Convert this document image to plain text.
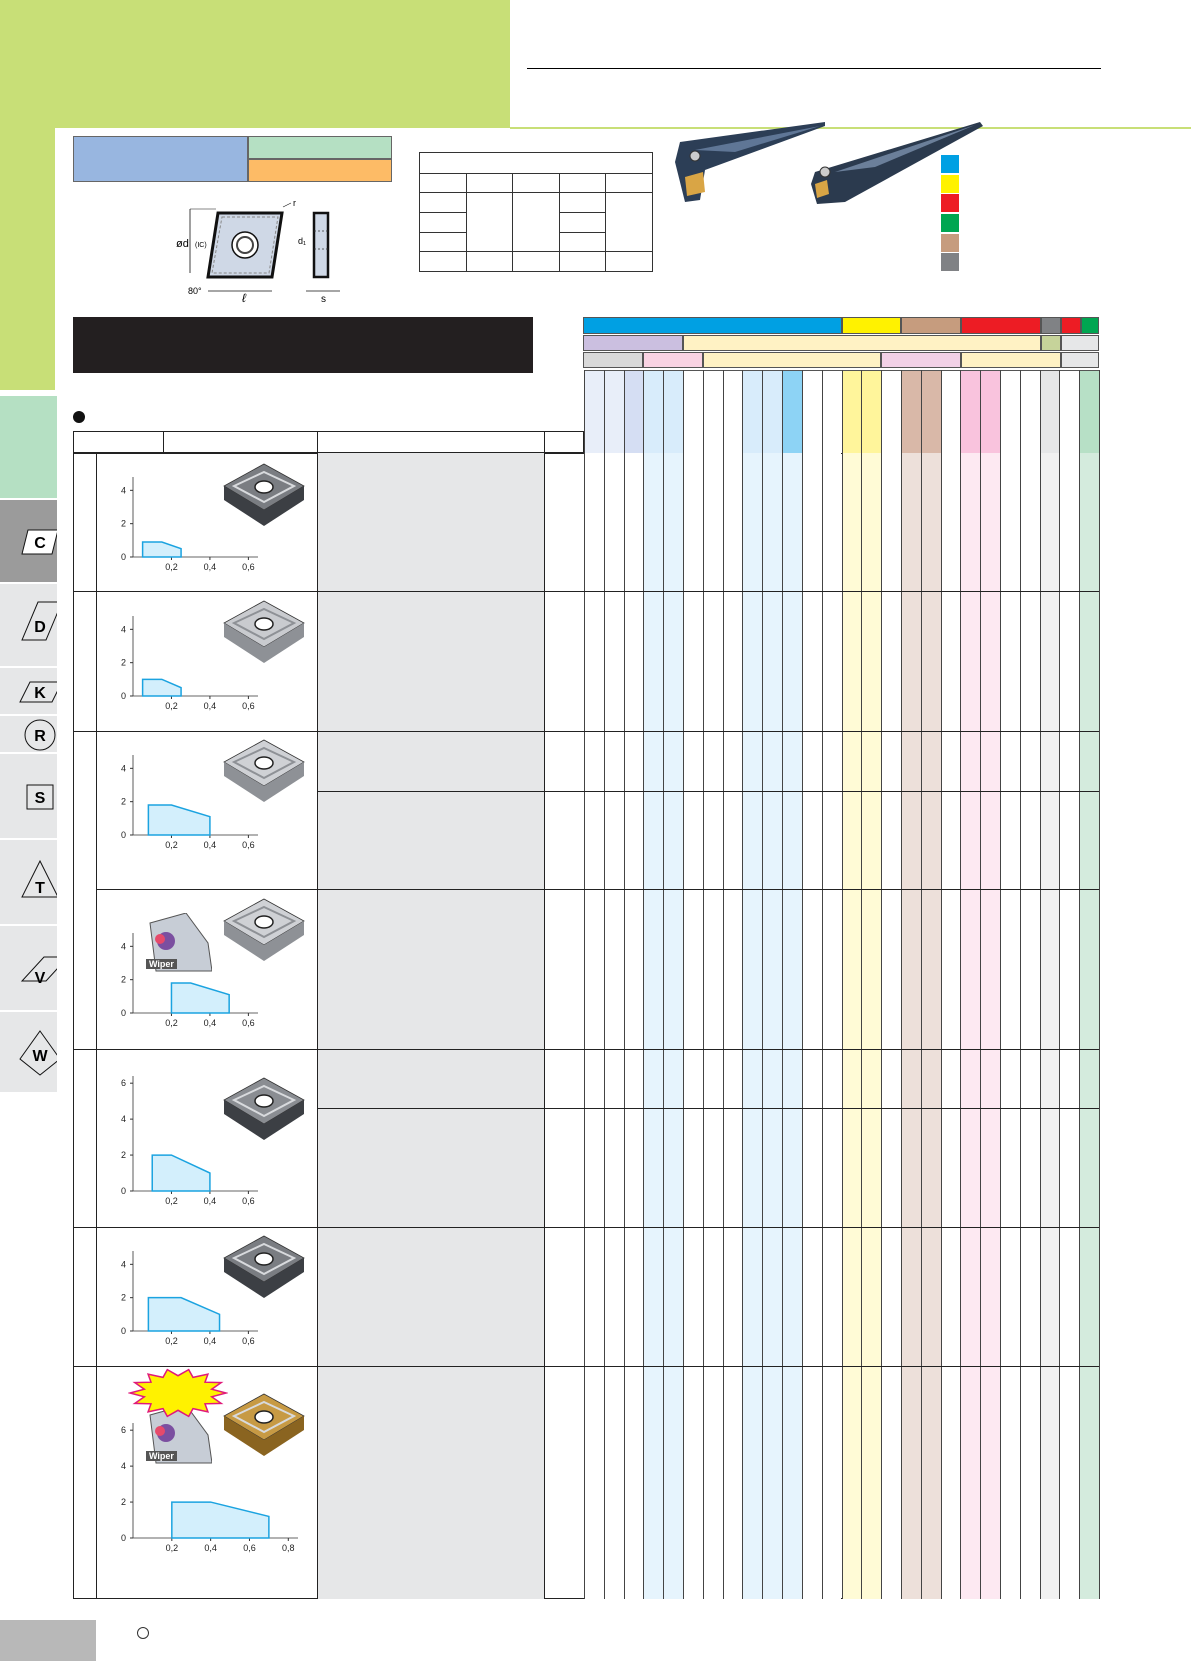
ød (IC)
r
80°	ℓ
d₁
s

0
2
4
0,2	0,4	0,6
0
2
4
0,2	0,4	0,6
0
2
4
0,2	0,4	0,6
0
2
4
0,2	0,4	0,6
0
2
4
6
0,2	0,4	0,6
0
2
4
0,2	0,4	0,6
0
2
4
6
0,2	0,4	0,6	0,8
Wiper
Wiper
C
D
K
R
S
T
V
W
